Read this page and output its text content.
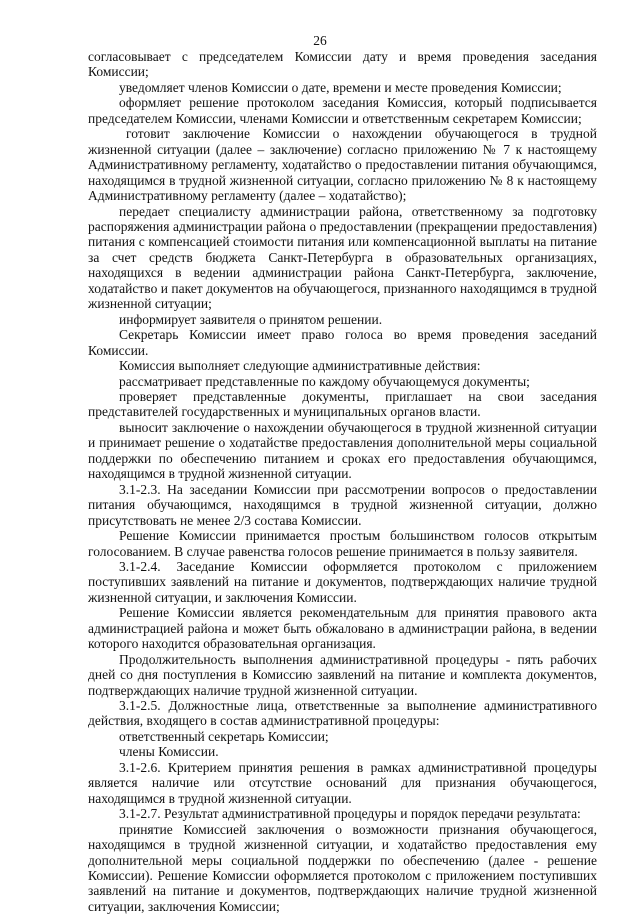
26

согласовывает с председателем Комиссии дату и время проведения заседания Комиссии;

уведомляет членов Комиссии о дате, времени и месте проведения Комиссии;

оформляет решение протоколом заседания Комиссия, который подписывается председателем Комиссии, членами Комиссии и ответственным секретарем Комиссии;

готовит заключение Комиссии о нахождении обучающегося в трудной жизненной ситуации (далее – заключение) согласно приложению № 7 к настоящему Административному регламенту, ходатайство о предоставлении питания обучающимся, находящимся в трудной жизненной ситуации, согласно приложению № 8 к настоящему Административному регламенту (далее – ходатайство);

передает специалисту администрации района, ответственному за подготовку распоряжения администрации района о предоставлении (прекращении предоставления) питания с компенсацией стоимости питания или компенсационной выплаты на питание за счет средств бюджета Санкт-Петербурга в образовательных организациях, находящихся в ведении администрации района Санкт-Петербурга, заключение, ходатайство и пакет документов на обучающегося, признанного находящимся в трудной жизненной ситуации;

информирует заявителя о принятом решении.

Секретарь Комиссии имеет право голоса во время проведения заседаний Комиссии.

Комиссия выполняет следующие административные действия:

рассматривает представленные по каждому обучающемуся документы;

проверяет представленные документы, приглашает на свои заседания представителей государственных и муниципальных органов власти.

выносит заключение о нахождении обучающегося в трудной жизненной ситуации и принимает решение о ходатайстве предоставления дополнительной меры социальной поддержки по обеспечению питанием и сроках его предоставления обучающимся, находящимся в трудной жизненной ситуации.

3.1-2.3. На заседании Комиссии при рассмотрении вопросов о предоставлении питания обучающимся, находящимся в трудной жизненной ситуации, должно присутствовать не менее 2/3 состава Комиссии.

Решение Комиссии принимается простым большинством голосов открытым голосованием. В случае равенства голосов решение принимается в пользу заявителя.

3.1-2.4. Заседание Комиссии оформляется протоколом с приложением поступивших заявлений на питание и документов, подтверждающих наличие трудной жизненной ситуации, и заключения Комиссии.

Решение Комиссии является рекомендательным для принятия правового акта администрацией района и может быть обжаловано в администрации района, в ведении которого находится образовательная организация.

Продолжительность выполнения административной процедуры - пять рабочих дней со дня поступления в Комиссию заявлений на питание и комплекта документов, подтверждающих наличие трудной жизненной ситуации.

3.1-2.5. Должностные лица, ответственные за выполнение административного действия, входящего в состав административной процедуры:

ответственный секретарь Комиссии;

члены Комиссии.

3.1-2.6. Критерием принятия решения в рамках административной процедуры является наличие или отсутствие оснований для признания обучающегося, находящимся в трудной жизненной ситуации.

3.1-2.7. Результат административной процедуры и порядок передачи результата:

принятие Комиссией заключения о возможности признания обучающегося, находящимся в трудной жизненной ситуации, и ходатайство предоставления ему дополнительной меры социальной поддержки по обеспечению (далее - решение Комиссии). Решение Комиссии оформляется протоколом с приложением поступивших заявлений на питание и документов, подтверждающих наличие трудной жизненной ситуации, заключения Комиссии;
